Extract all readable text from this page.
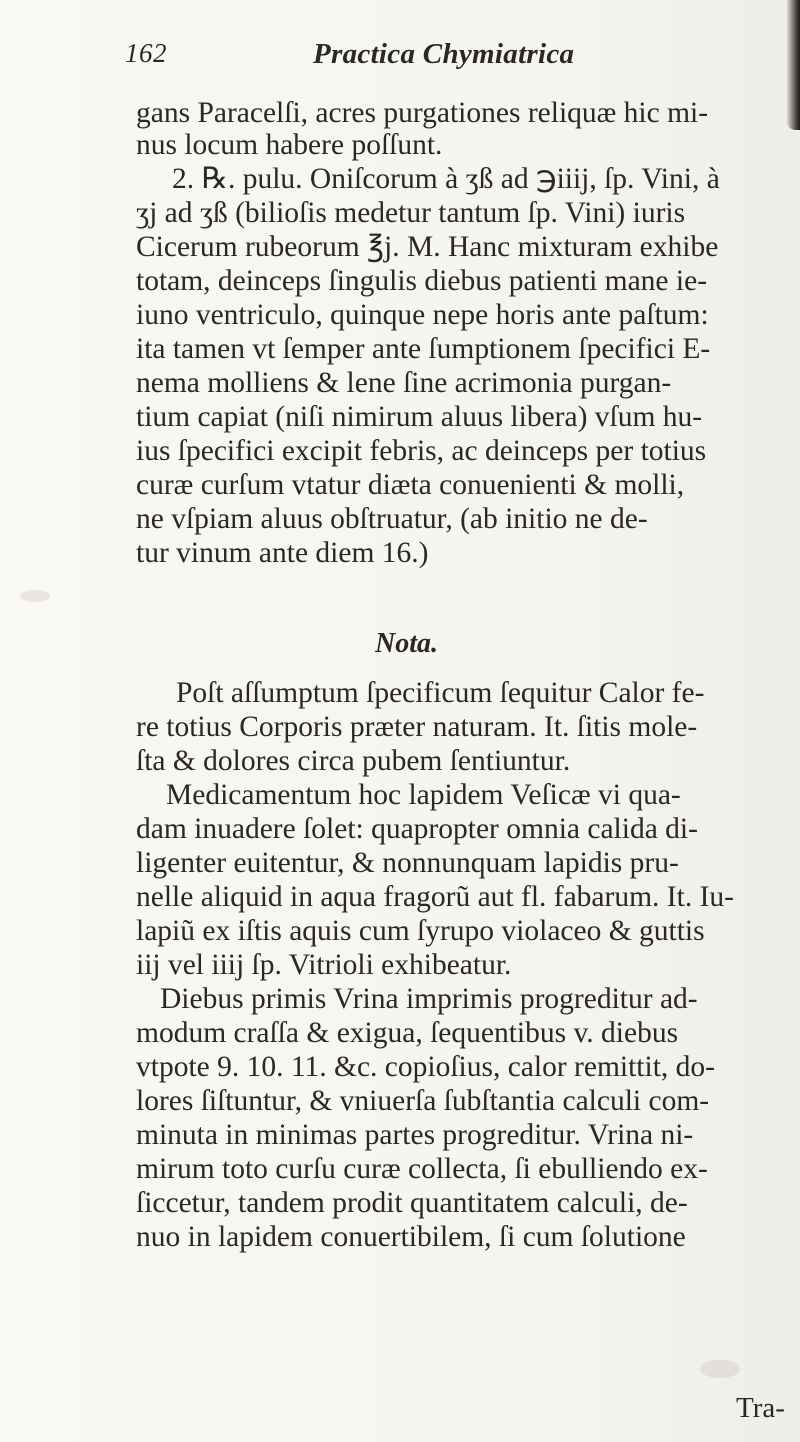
162	Practica Chymiatrica
gans Paracelſi, acres purgationes reliquæ hic mi-
nus locum habere poſſunt.
2. ℞. pulu. Oniſcorum à ʒß ad ℈iiij, ſp. Vini, à
ʒj ad ʒß (bilioſis medetur tantum ſp. Vini) iuris
Cicerum rubeorum ℥j. M. Hanc mixturam exhibe
totam, deinceps ſingulis diebus patienti mane ie-
iuno ventriculo, quinque nepe horis ante paſtum:
ita tamen vt ſemper ante ſumptionem ſpecifici E-
nema molliens & lene ſine acrimonia purgan-
tium capiat (niſi nimirum aluus libera) vſum hu-
ius ſpecifici excipit febris, ac deinceps per totius
curæ curſum vtatur diæta conuenienti & molli,
ne vſpiam aluus obſtruatur, (ab initio ne de-
tur vinum ante diem 16.)
Nota.
Poſt aſſumptum ſpecificum ſequitur Calor fe-
re totius Corporis præter naturam. It. ſitis mole-
ſta & dolores circa pubem ſentiuntur.
Medicamentum hoc lapidem Veſicæ vi qua-
dam inuadere ſolet: quapropter omnia calida di-
ligenter euitentur, & nonnunquam lapidis pru-
nelle aliquid in aqua fragorũ aut fl. fabarum. It. Iu-
lapiũ ex iſtis aquis cum ſyrupo violaceo & guttis
iij vel iiij ſp. Vitrioli exhibeatur.
Diebus primis Vrina imprimis progreditur ad-
modum craſſa & exigua, ſequentibus v. diebus
vtpote 9. 10. 11. &c. copioſius, calor remittit, do-
lores ſiſtuntur, & vniuerſa ſubſtantia calculi com-
minuta in minimas partes progreditur. Vrina ni-
mirum toto curſu curæ collecta, ſi ebulliendo ex-
ſiccetur, tandem prodit quantitatem calculi, de-
nuo in lapidem conuertibilem, ſi cum ſolutione
Tra-
